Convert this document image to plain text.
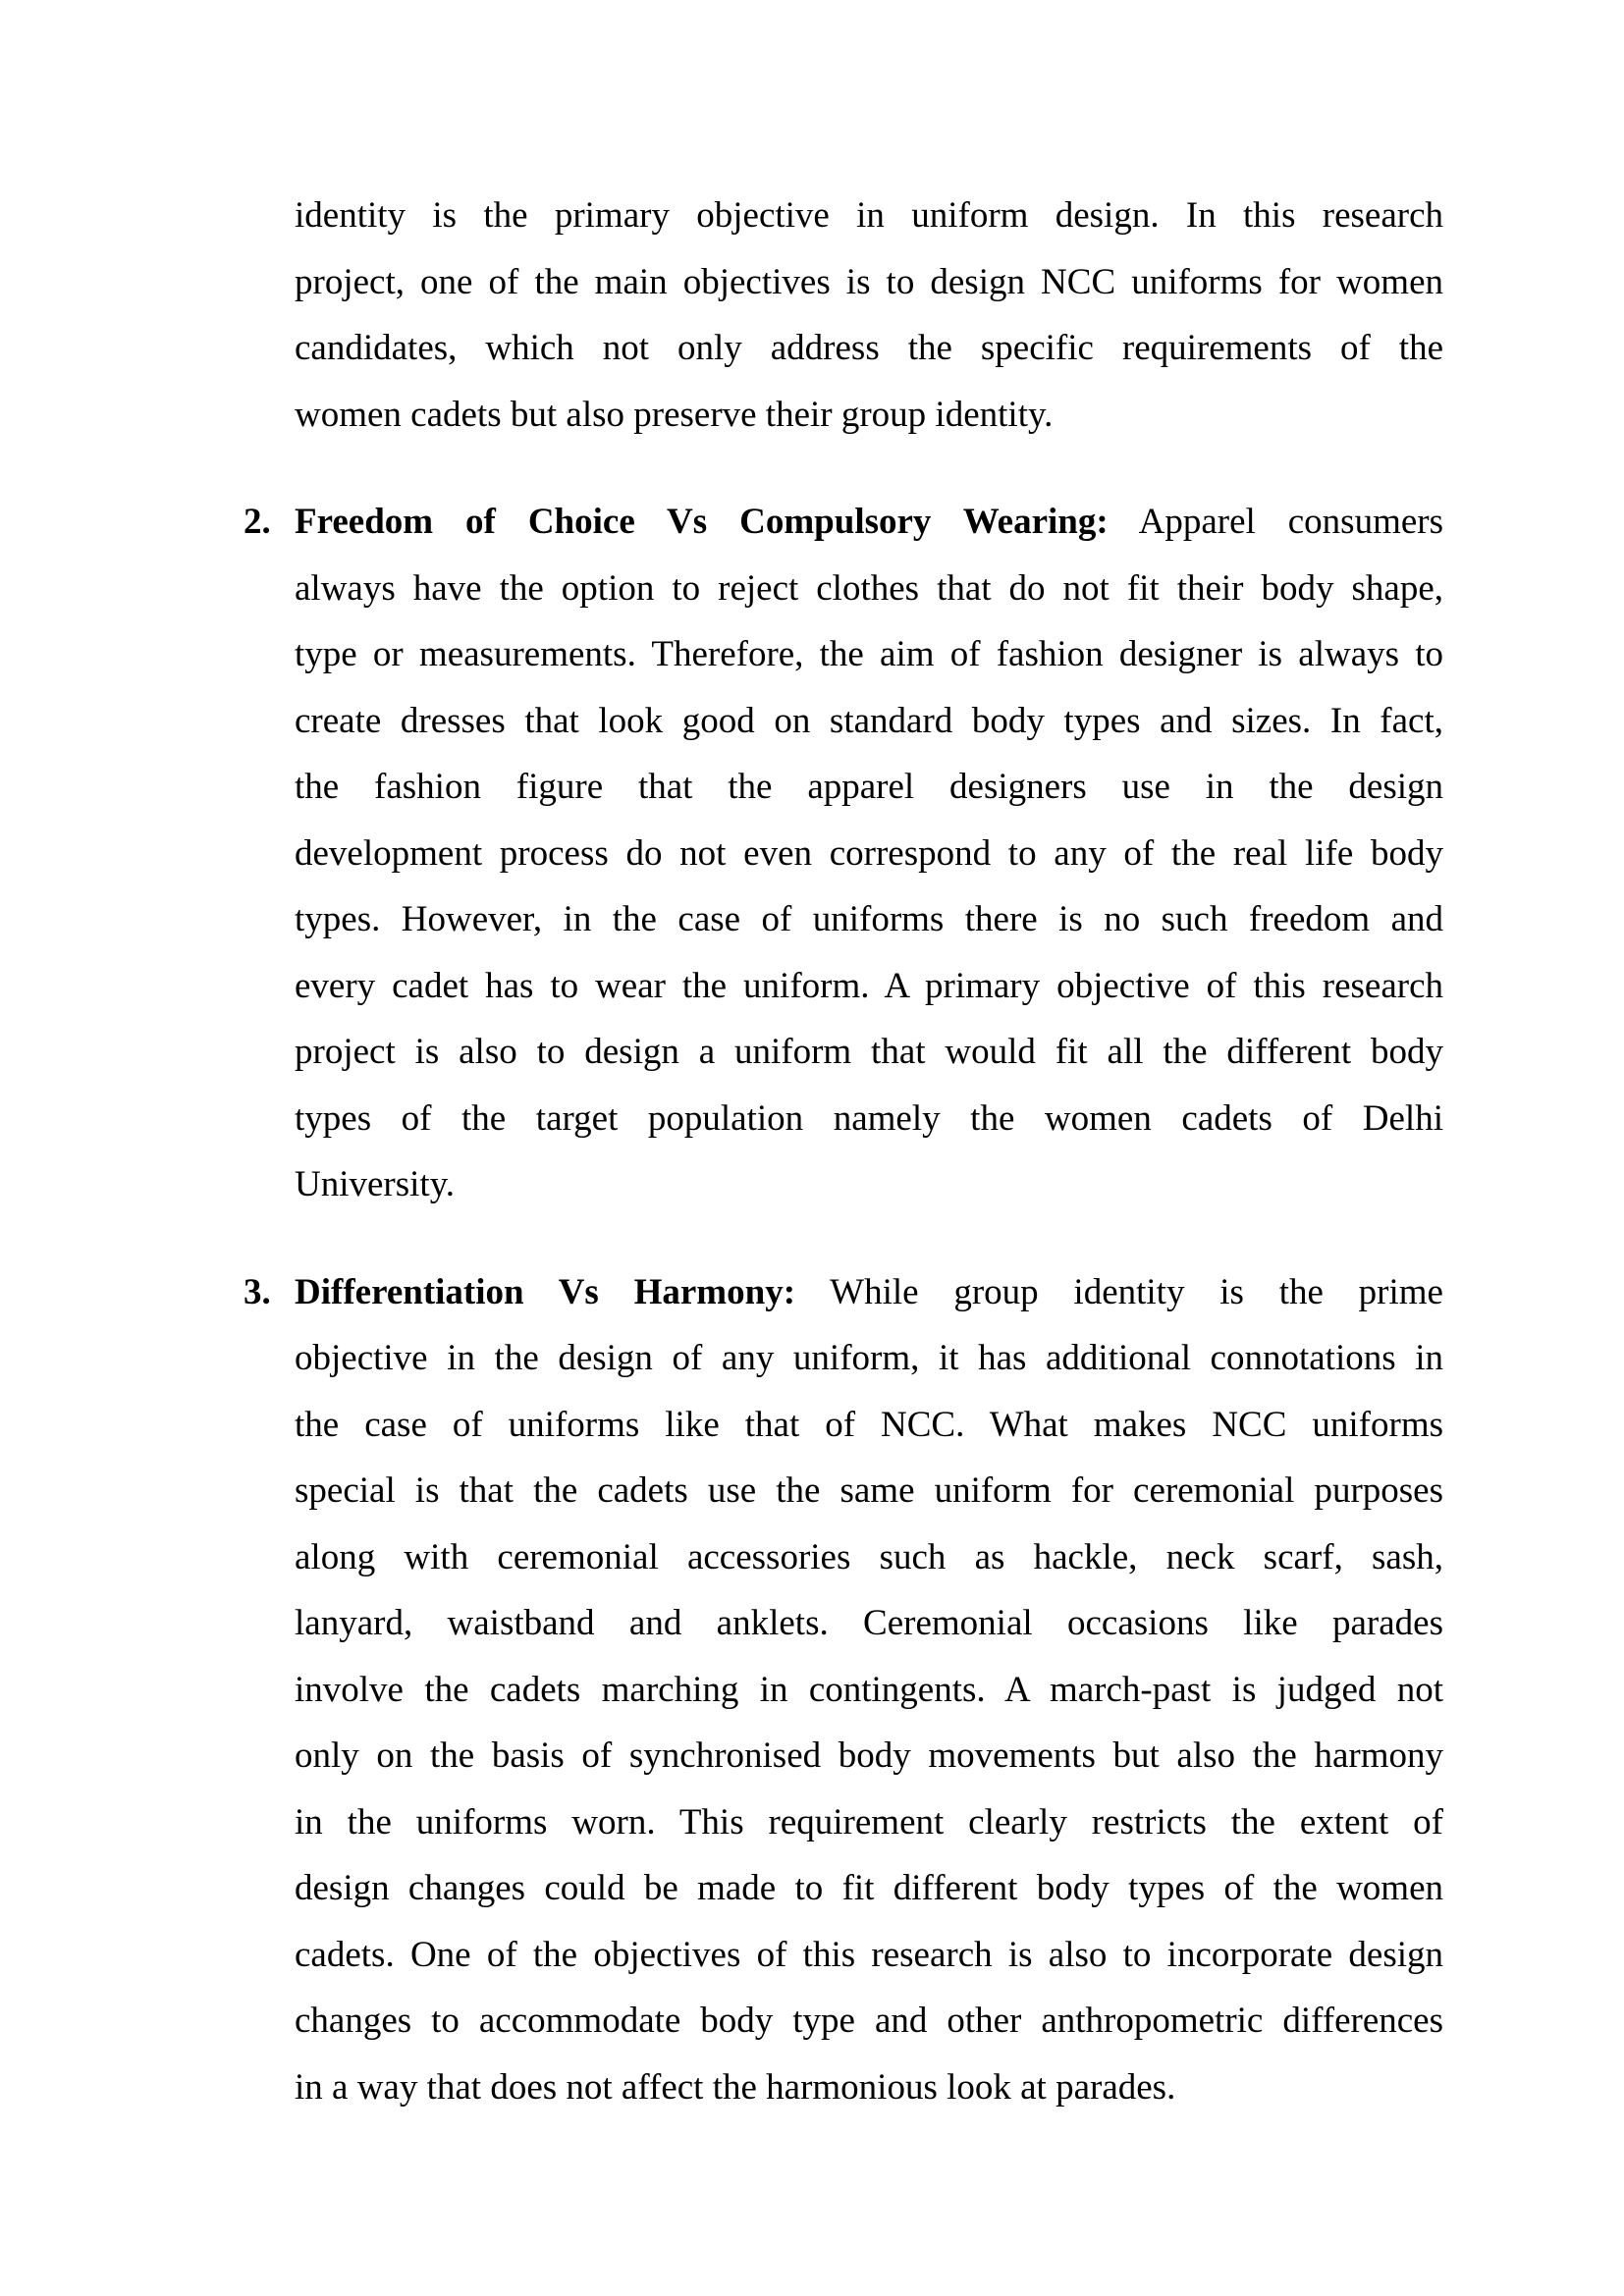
identity is the primary objective in uniform design. In this research
project, one of the main objectives is to design NCC uniforms for women
candidates, which not only address the specific requirements of the
women cadets but also preserve their group identity.
2. Freedom of Choice Vs Compulsory Wearing: Apparel consumers
always have the option to reject clothes that do not fit their body shape,
type or measurements. Therefore, the aim of fashion designer is always to
create dresses that look good on standard body types and sizes. In fact,
the fashion figure that the apparel designers use in the design
development process do not even correspond to any of the real life body
types. However, in the case of uniforms there is no such freedom and
every cadet has to wear the uniform. A primary objective of this research
project is also to design a uniform that would fit all the different body
types of the target population namely the women cadets of Delhi
University.
3. Differentiation Vs Harmony: While group identity is the prime
objective in the design of any uniform, it has additional connotations in
the case of uniforms like that of NCC. What makes NCC uniforms
special is that the cadets use the same uniform for ceremonial purposes
along with ceremonial accessories such as hackle, neck scarf, sash,
lanyard, waistband and anklets. Ceremonial occasions like parades
involve the cadets marching in contingents. A march-past is judged not
only on the basis of synchronised body movements but also the harmony
in the uniforms worn. This requirement clearly restricts the extent of
design changes could be made to fit different body types of the women
cadets. One of the objectives of this research is also to incorporate design
changes to accommodate body type and other anthropometric differences
in a way that does not affect the harmonious look at parades.
